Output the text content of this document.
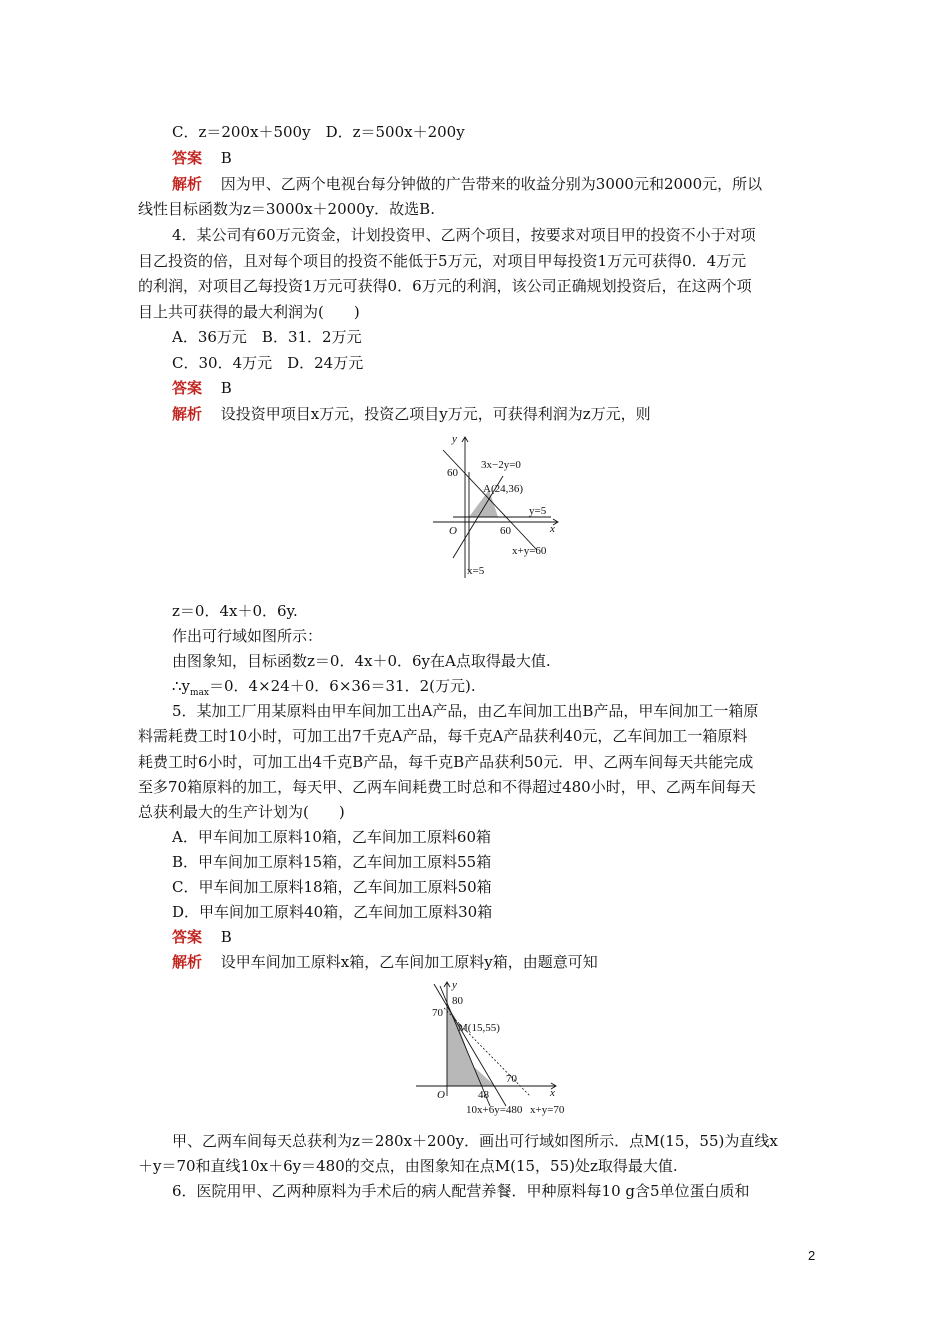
C．z＝200x＋500y　D．z＝500x＋200y
答案 B
解析 因为甲、乙两个电视台每分钟做的广告带来的收益分别为3000元和2000元，所以
线性目标函数为z＝3000x＋2000y．故选B.
4．某公司有60万元资金，计划投资甲、乙两个项目，按要求对项目甲的投资不小于对项
目乙投资的倍，且对每个项目的投资不能低于5万元，对项目甲每投资1万元可获得0．4万元
的利润，对项目乙每投资1万元可获得0．6万元的利润，该公司正确规划投资后，在这两个项
目上共可获得的最大利润为(　　)
A．36万元　B．31．2万元
C．30．4万元　D．24万元
答案 B
解析 设投资甲项目x万元，投资乙项目y万元，可获得利润为z万元，则
y
x
O
60
60
3x−2y=0
A(24,36)
y=5
x+y=60
x=5
z＝0．4x＋0．6y.
作出可行域如图所示：
由图象知，目标函数z＝0．4x＋0．6y在A点取得最大值.
$\therefore y_{max}=0$．4×24＋0．6×36＝31．2(万元).
5．某加工厂用某原料由甲车间加工出A产品，由乙车间加工出B产品，甲车间加工一箱原
料需耗费工时10小时，可加工出7千克A产品，每千克A产品获利40元，乙车间加工一箱原料
耗费工时6小时，可加工出4千克B产品，每千克B产品获利50元．甲、乙两车间每天共能完成
至多70箱原料的加工，每天甲、乙两车间耗费工时总和不得超过480小时，甲、乙两车间每天
总获利最大的生产计划为(　　)
A．甲车间加工原料10箱，乙车间加工原料60箱
B．甲车间加工原料15箱，乙车间加工原料55箱
C．甲车间加工原料18箱，乙车间加工原料50箱
D．甲车间加工原料40箱，乙车间加工原料30箱
答案 B
解析 设甲车间加工原料x箱，乙车间加工原料y箱，由题意可知
y
x
O
80
70
M(15,55)
70
48
10x+6y=480 x+y=70
甲、乙两车间每天总获利为z＝280x＋200y．画出可行域如图所示．点M(15，55)为直线x
＋y＝70和直线10x＋6y＝480的交点，由图象知在点M(15，55)处z取得最大值.
6．医院用甲、乙两种原料为手术后的病人配营养餐．甲种原料每10 g含5单位蛋白质和
2
